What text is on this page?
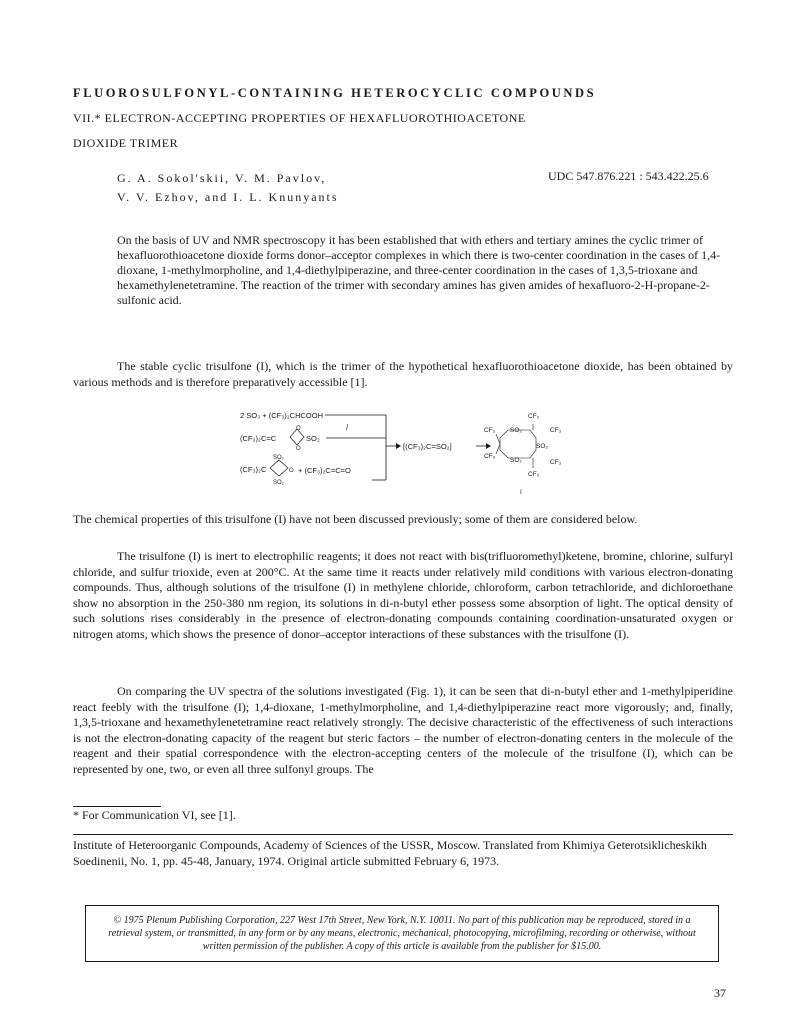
FLUOROSULFONYL-CONTAINING HETEROCYCLIC COMPOUNDS
VII.* ELECTRON-ACCEPTING PROPERTIES OF HEXAFLUOROTHIOACETONE
DIOXIDE TRIMER
G. A. Sokol'skii, V. M. Pavlov,
V. V. Ezhov, and I. L. Knunyants
UDC 547.876.221 : 543.422.25.6
On the basis of UV and NMR spectroscopy it has been established that with ethers and tertiary amines the cyclic trimer of hexafluorothioacetone dioxide forms donor–acceptor complexes in which there is two-center coordination in the cases of 1,4-dioxane, 1-methylmorpholine, and 1,4-diethylpiperazine, and three-center coordination in the cases of 1,3,5-trioxane and hexamethylenetetramine. The reaction of the trimer with secondary amines has given amides of hexafluoro-2-H-propane-2-sulfonic acid.

The stable cyclic trisulfone (I), which is the trimer of the hypothetical hexafluorothioacetone dioxide, has been obtained by various methods and is therefore preparatively accessible [1].

2 SO₃ + (CF₃)₂CHCOOH
(CF₃)₂C=C
O
O
SO₂
/
(CF₃)₂C
SO₂
SO₂
O + (CF₃)₂C=C=O
[(CF₃)₂C=SO₂]
CF₃
CF₃	CF₃
SO₂
SO₂
SO₂
CF₃
CF₃
CF₃
I

The chemical properties of this trisulfone (I) have not been discussed previously; some of them are considered below.

The trisulfone (I) is inert to electrophilic reagents; it does not react with bis(trifluoromethyl)ketene, bromine, chlorine, sulfuryl chloride, and sulfur trioxide, even at 200°C. At the same time it reacts under relatively mild conditions with various electron-donating compounds. Thus, although solutions of the trisulfone (I) in methylene chloride, chloroform, carbon tetrachloride, and dichloroethane show no absorption in the 250-380 nm region, its solutions in di-n-butyl ether possess some absorption of light. The optical density of such solutions rises considerably in the presence of electron-donating compounds containing coordination-unsaturated oxygen or nitrogen atoms, which shows the presence of donor–acceptor interactions of these substances with the trisulfone (I).

On comparing the UV spectra of the solutions investigated (Fig. 1), it can be seen that di-n-butyl ether and 1-methylpiperidine react feebly with the trisulfone (I); 1,4-dioxane, 1-methylmorpholine, and 1,4-diethylpiperazine react more vigorously; and, finally, 1,3,5-trioxane and hexamethylenetetramine react relatively strongly. The decisive characteristic of the effectiveness of such interactions is not the electron-donating capacity of the reagent but steric factors – the number of electron-donating centers in the molecule of the reagent and their spatial correspondence with the electron-accepting centers of the molecule of the trisulfone (I), which can be represented by one, two, or even all three sulfonyl groups. The

* For Communication VI, see [1].
Institute of Heteroorganic Compounds, Academy of Sciences of the USSR, Moscow. Translated from Khimiya Geterotsiklicheskikh Soedinenii, No. 1, pp. 45-48, January, 1974. Original article submitted February 6, 1973.
© 1975 Plenum Publishing Corporation, 227 West 17th Street, New York, N.Y. 10011. No part of this publication may be reproduced, stored in a retrieval system, or transmitted, in any form or by any means, electronic, mechanical, photocopying, microfilming, recording or otherwise, without written permission of the publisher. A copy of this article is available from the publisher for $15.00.
37
